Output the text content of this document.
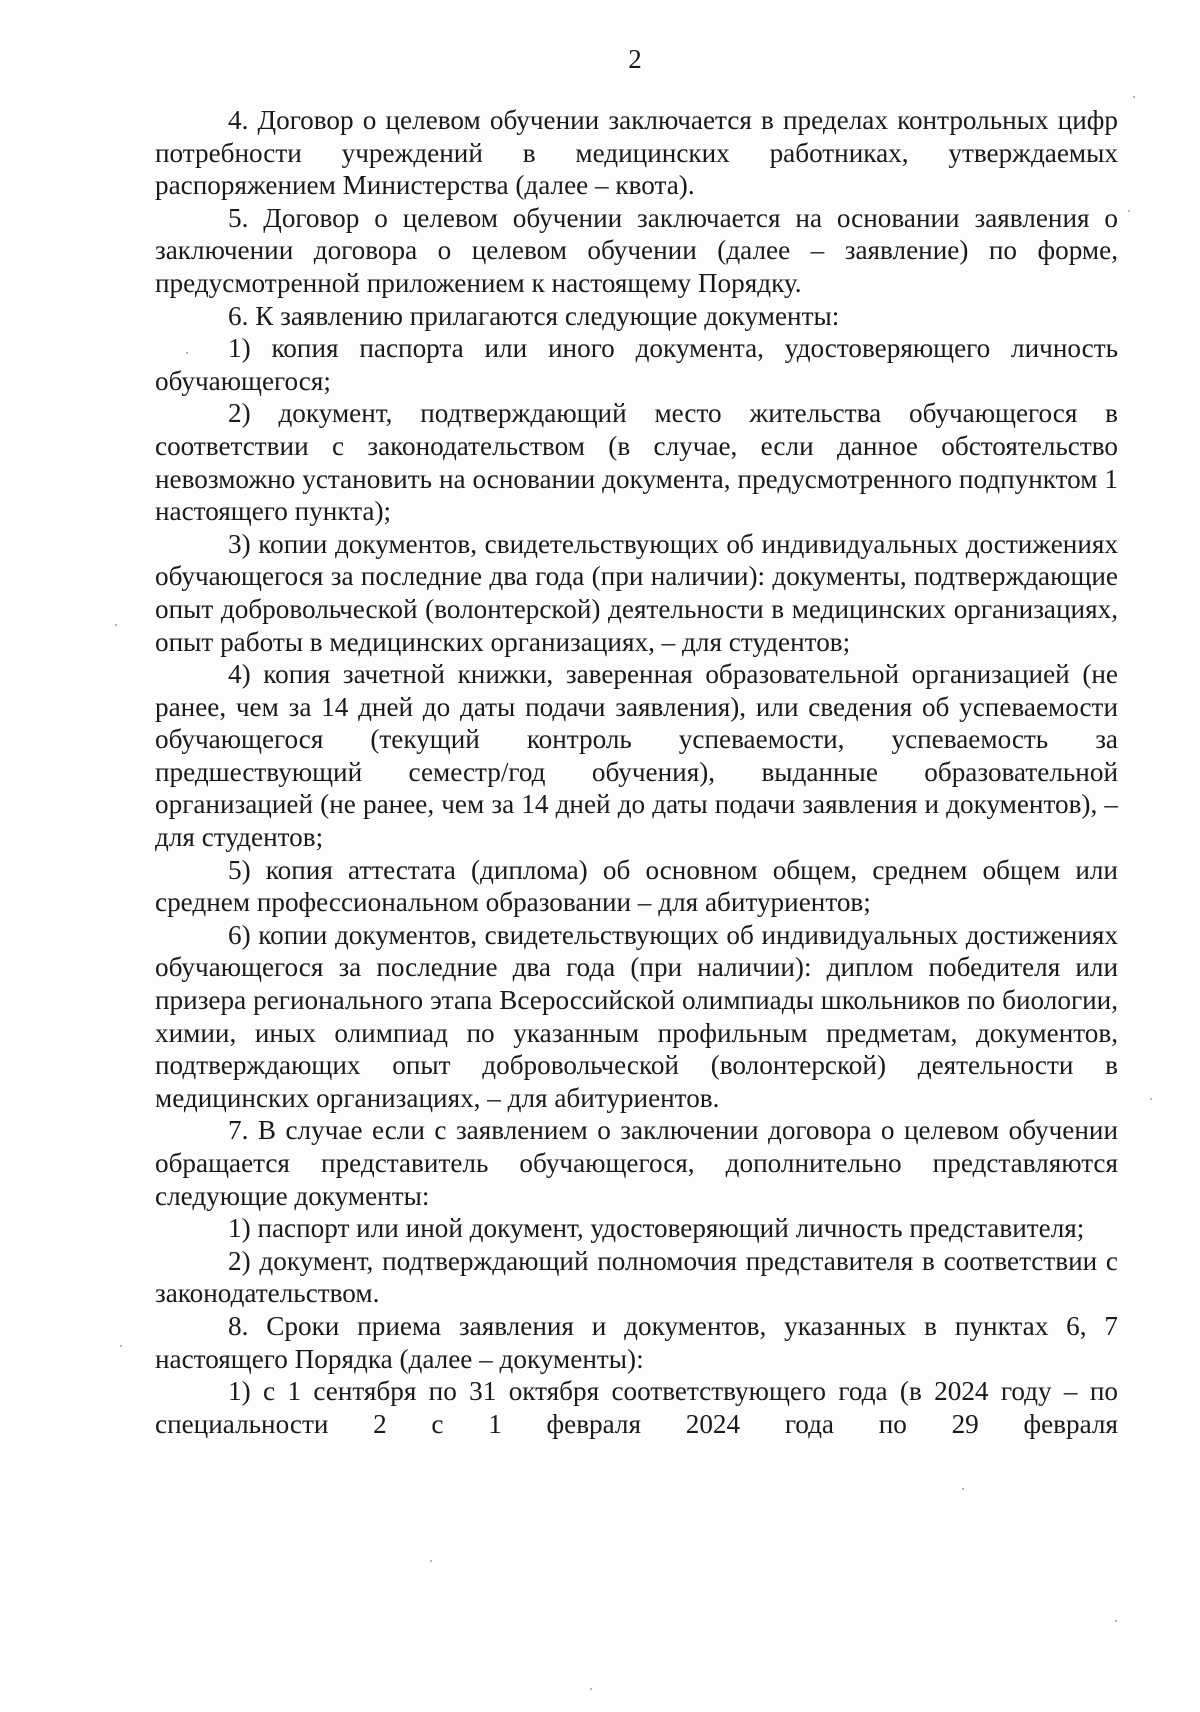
2

4. Договор о целевом обучении заключается в пределах контрольных цифр потребности учреждений в медицинских работниках, утверждаемых распоряжением Министерства (далее – квота).

5. Договор о целевом обучении заключается на основании заявления о заключении договора о целевом обучении (далее – заявление) по форме, предусмотренной приложением к настоящему Порядку.

6. К заявлению прилагаются следующие документы:

1) копия паспорта или иного документа, удостоверяющего личность обучающегося;

2) документ, подтверждающий место жительства обучающегося в соответствии с законодательством (в случае, если данное обстоятельство невозможно установить на основании документа, предусмотренного подпунктом 1 настоящего пункта);

3) копии документов, свидетельствующих об индивидуальных достижениях обучающегося за последние два года (при наличии): документы, подтверждающие опыт добровольческой (волонтерской) деятельности в медицинских организациях, опыт работы в медицинских организациях, – для студентов;

4) копия зачетной книжки, заверенная образовательной организацией (не ранее, чем за 14 дней до даты подачи заявления), или сведения об успеваемости обучающегося (текущий контроль успеваемости, успеваемость за предшествующий семестр/год обучения), выданные образовательной организацией (не ранее, чем за 14 дней до даты подачи заявления и документов), – для студентов;

5) копия аттестата (диплома) об основном общем, среднем общем или среднем профессиональном образовании – для абитуриентов;

6) копии документов, свидетельствующих об индивидуальных достижениях обучающегося за последние два года (при наличии): диплом победителя или призера регионального этапа Всероссийской олимпиады школьников по биологии, химии, иных олимпиад по указанным профильным предметам, документов, подтверждающих опыт добровольческой (волонтерской) деятельности в медицинских организациях, – для абитуриентов.

7. В случае если с заявлением о заключении договора о целевом обучении обращается представитель обучающегося, дополнительно представляются следующие документы:

1) паспорт или иной документ, удостоверяющий личность представителя;

2) документ, подтверждающий полномочия представителя в соответствии с законодательством.

8. Сроки приема заявления и документов, указанных в пунктах 6, 7 настоящего Порядка (далее – документы):

1) с 1 сентября по 31 октября соответствующего года (в 2024 году – по специальности 2 с 1 февраля 2024 года по 29 февраля
